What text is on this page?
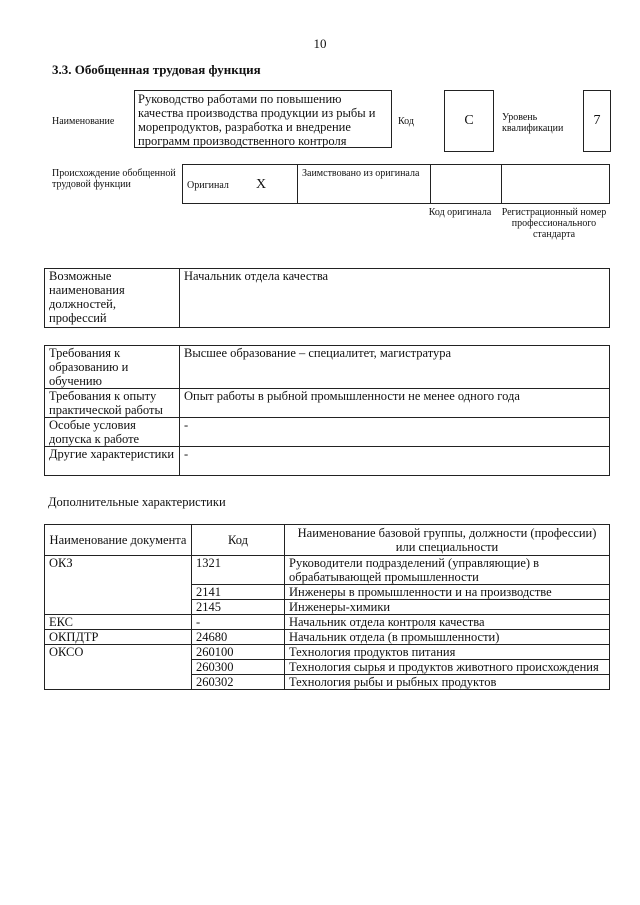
10
3.3. Обобщенная трудовая функция
Наименование
Руководство работами по повышению качества производства продукции из рыбы и морепродуктов, разработка и внедрение программ производственного контроля
Код	C	Уровень квалификации
7
Происхождение обобщенной трудовой функции	Оригинал X	Заимствовано из оригинала		
Код оригинала	Регистрационный номер профессионального стандарта
Возможные наименования должностей, профессий	Начальник отдела качества
Требования к образованию и обучению	Высшее образование – специалитет, магистратура
Требования к опыту практической работы	Опыт работы в рыбной промышленности не менее одного года
Особые условия допуска к работе	-
Другие характеристики	-
Дополнительные характеристики
Наименование документа	Код	Наименование базовой группы, должности (профессии) или специальности
ОКЗ	1321	Руководители подразделений (управляющие) в обрабатывающей промышленности
	2141	Инженеры в промышленности и на производстве
	2145	Инженеры-химики
ЕКС	-	Начальник отдела контроля качества
ОКПДТР	24680	Начальник отдела (в промышленности)
ОКСО	260100	Технология продуктов питания
	260300	Технология сырья и продуктов животного происхождения
	260302	Технология рыбы и рыбных продуктов
